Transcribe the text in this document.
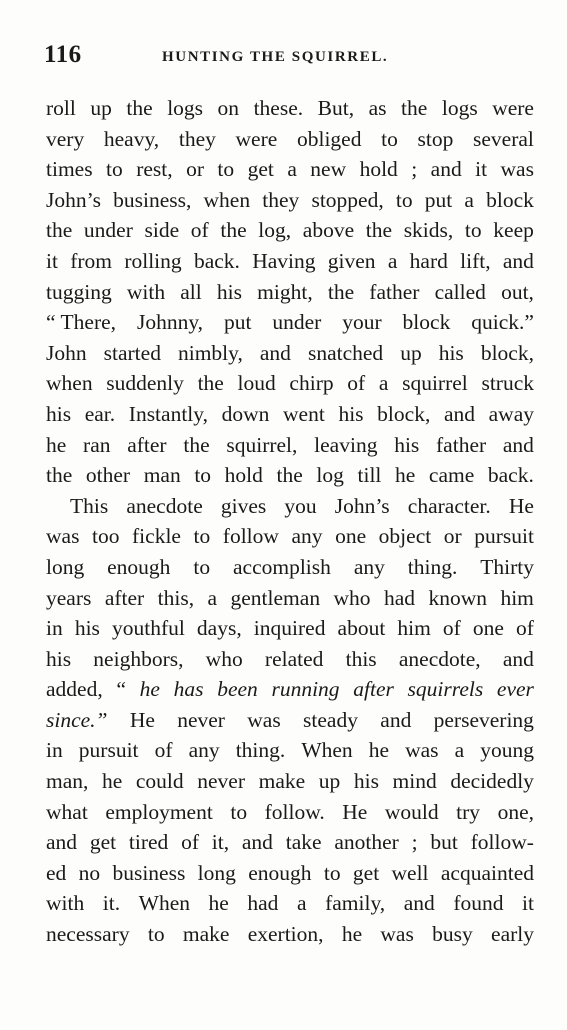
116	HUNTING THE SQUIRREL.
roll up the logs on these. But, as the logs were
very heavy, they were obliged to stop several
times to rest, or to get a new hold ; and it was
John’s business, when they stopped, to put a block
the under side of the log, above the skids, to keep
it from rolling back. Having given a hard lift, and
tugging with all his might, the father called out,
“ There, Johnny, put under your block quick.”
John started nimbly, and snatched up his block,
when suddenly the loud chirp of a squirrel struck
his ear. Instantly, down went his block, and away
he ran after the squirrel, leaving his father and
the other man to hold the log till he came back.
This anecdote gives you John’s character. He
was too fickle to follow any one object or pursuit
long enough to accomplish any thing. Thirty
years after this, a gentleman who had known him
in his youthful days, inquired about him of one of
his neighbors, who related this anecdote, and
added, “ he has been running after squirrels ever
since.” He never was steady and persevering
in pursuit of any thing. When he was a young
man, he could never make up his mind decidedly
what employment to follow. He would try one,
and get tired of it, and take another ; but follow-
ed no business long enough to get well acquainted
with it. When he had a family, and found it
necessary to make exertion, he was busy early
